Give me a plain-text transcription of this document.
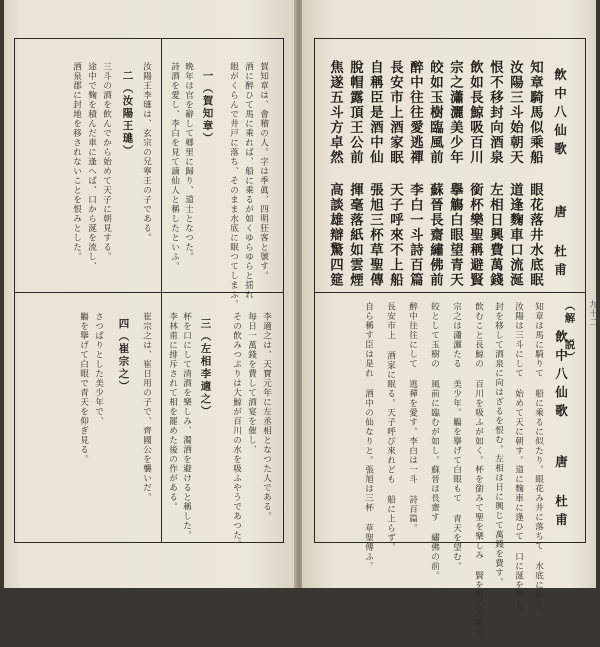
一（賀知章）	賀知章は、會稽の人。字は季眞、四明狂客と號す。
酒に醉ひて馬に乘れば、船に乘るが如くゆらゆらと揺れ
眼がくらんで井戸に落ち、そのまま水底に眠つてしまふ。
晩年は官を辭して郷里に歸り、道士となつた。
詩酒を愛し、李白を見て謫仙人と稱したといふ。
二（汝陽王璡） 汝陽王李璡は、玄宗の兄寧王の子である。
三斗の酒を飲んでから始めて天子に朝見する。
途中で麴を積んだ車に逢へば、口から涎を流し、
酒泉郡に封地を移されないことを恨みとした。
三（左相李適之）	李適之は、天寶元年に左丞相となつた人である。
毎日一萬錢を費して酒宴を催し、
その飲みつぷりは大鯨が百川の水を吸ふやうであつた。
杯を口にして清酒を樂しみ、濁酒を避けると稱した。
李林甫に排斥されて相を罷めた後の作がある。
四（崔宗之） 崔宗之は、崔日用の子で、齊國公を襲いだ。
さつぱりとした美少年で、
觴を擧げて白眼で青天を仰ぎ見る。
飲中八仙歌
唐 杜甫
知章騎馬似乘船 眼花落井水底眠
汝陽三斗始朝天 道逢麴車口流涎
恨不移封向酒泉 左相日興費萬錢
飲如長鯨吸百川 銜杯樂聖稱避賢
宗之瀟灑美少年 擧觴白眼望青天
皎如玉樹臨風前 蘇晉長齋繡佛前
醉中往往愛逃禪 李白一斗詩百篇
長安市上酒家眠 天子呼來不上船
自稱臣是酒中仙 張旭三杯草聖傳
脫帽露頂王公前 揮毫落紙如雲煙
焦遂五斗方卓然 高談雄辯驚四筵
（解 説）
飲中八仙歌
唐 杜甫
知章は馬に騎りて 船に乘るに似たり。眼花み井に落ちて 水底に眠る。
汝陽は三斗にして 始めて天に朝す。道に麴車に逢ひて 口に涎を流し。
封を移して酒泉に向はざるを恨む。左相は日に興じて萬錢を費す。
飲むこと長鯨の 百川を吸ふが如く。杯を銜みて聖を樂しみ 賢を避くと稱す。
宗之は瀟灑たる 美少年。觴を擧げて白眼もて 青天を望む。
皎として玉樹の 風前に臨むが如し。蘇晉は長齋す 繡佛の前。
醉中往往にして 逃禪を愛す。李白は一斗 詩百篇。
長安市上 酒家に眠る。天子呼び來れども 船に上らず。
自ら稱す臣は是れ 酒中の仙なりと。張旭は三杯 草聖傳ふ。	九十二
